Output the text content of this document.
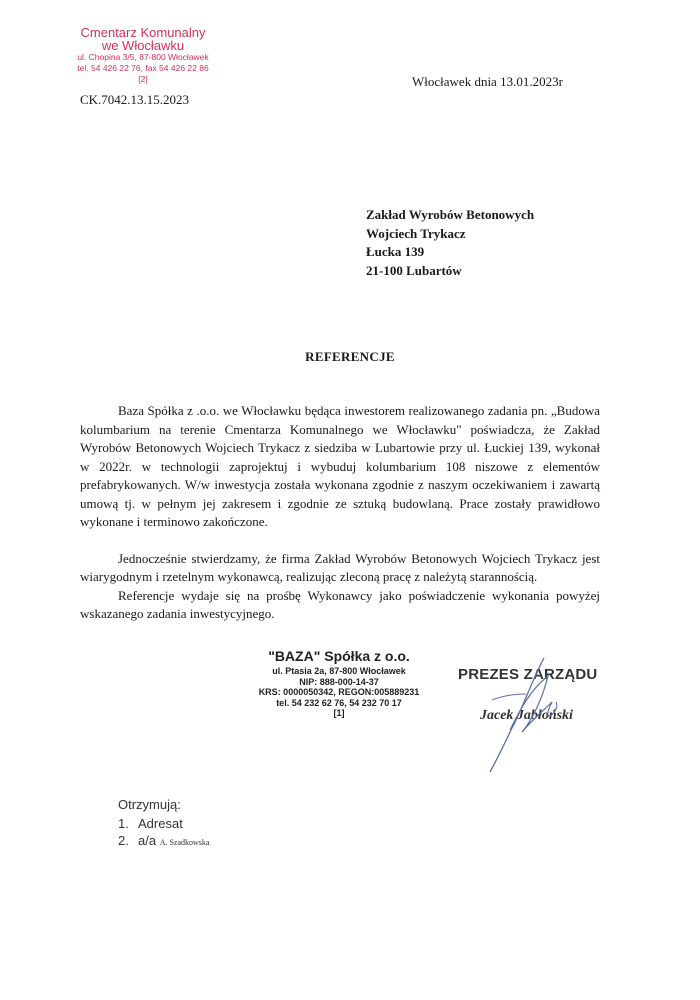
Cmentarz Komunalny
we Włocławku
ul. Chopina 3/5, 87-800 Włocławek
tel. 54 426 22 76, fax 54 426 22 86
[2]
CK.7042.13.15.2023
Włocławek dnia 13.01.2023r
Zakład Wyrobów Betonowych
Wojciech Trykacz
Łucka 139
21-100 Lubartów
REFERENCJE

Baza Spółka z .o.o. we Włocławku będąca inwestorem realizowanego zadania pn. „Budowa kolumbarium na terenie Cmentarza Komunalnego we Włocławku" poświadcza, że Zakład Wyrobów Betonowych Wojciech Trykacz z siedziba w Lubartowie przy ul. Łuckiej 139, wykonał w 2022r. w technologii zaprojektuj i wybuduj kolumbarium 108 niszowe z elementów prefabrykowanych. W/w inwestycja została wykonana zgodnie z naszym oczekiwaniem i zawartą umową tj. w pełnym jej zakresem i zgodnie ze sztuką budowlaną. Prace zostały prawidłowo wykonane i terminowo zakończone.

Jednocześnie stwierdzamy, że firma Zakład Wyrobów Betonowych Wojciech Trykacz jest wiarygodnym i rzetelnym wykonawcą, realizując zleconą pracę z należytą starannością.

Referencje wydaje się na prośbę Wykonawcy jako poświadczenie wykonania powyżej wskazanego zadania inwestycyjnego.

"BAZA" Spółka z o.o.
ul. Ptasia 2a, 87-800 Włocławek
NIP: 888-000-14-37
KRS: 0000050342, REGON:005889231
tel. 54 232 62 76, 54 232 70 17
[1]
PREZES ZARZĄDU
Jacek Jabłoński
Otrzymują:
1. Adresat
2. a/a A. Szadkowska
